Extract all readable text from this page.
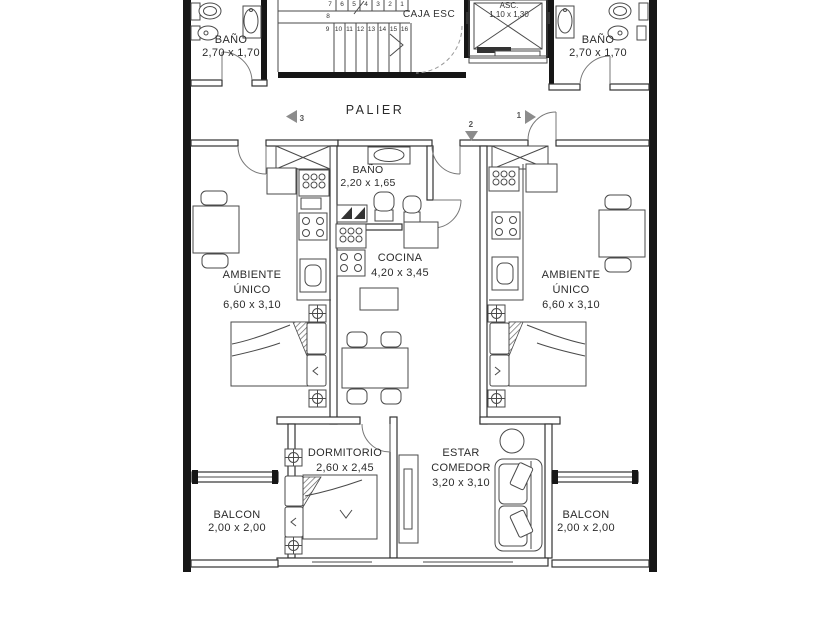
BAÑO
2,70 x 1,70
CAJA ESC
ASC.
1,10 x 1,30
BAÑO
2,70 x 1,70
PALIER
3	1
2
BAÑO
2,20 x 1,65
COCINA
4,20 x 3,45
AMBIENTE
ÚNICO
6,60 x 3,10
AMBIENTE
ÚNICO
6,60 x 3,10
DORMITORIO
2,60 x 2,45
ESTAR
COMEDOR
3,20 x 3,10
BALCON
2,00 x 2,00
BALCON
2,00 x 2,00
7	6	5	4	3	2	1
8
9 10 11 12 13 14 15 16
